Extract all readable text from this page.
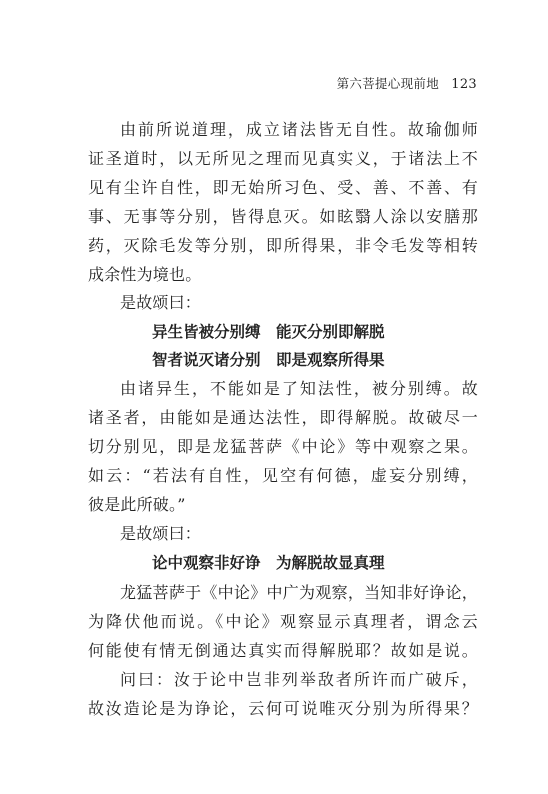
第六菩提心现前地 123
由前所说道理，成立诸法皆无自性。故瑜伽师
证圣道时，以无所见之理而见真实义，于诸法上不
见有尘许自性，即无始所习色、受、善、不善、有
事、无事等分别，皆得息灭。如眩翳人涂以安膳那
药，灭除毛发等分别，即所得果，非令毛发等相转
成余性为境也。
是故颂曰：
异生皆被分别缚　能灭分别即解脱
智者说灭诸分别　即是观察所得果
由诸异生，不能如是了知法性，被分别缚。故
诸圣者，由能如是通达法性，即得解脱。故破尽一
切分别见，即是龙猛菩萨《中论》等中观察之果。
如云：“若法有自性，见空有何德，虚妄分别缚，
彼是此所破。”
是故颂曰：
论中观察非好诤　为解脱故显真理
龙猛菩萨于《中论》中广为观察，当知非好诤论，
为降伏他而说。《中论》观察显示真理者，谓念云
何能使有情无倒通达真实而得解脱耶？故如是说。
问曰：汝于论中岂非列举敌者所许而广破斥，
故汝造论是为诤论，云何可说唯灭分别为所得果？
